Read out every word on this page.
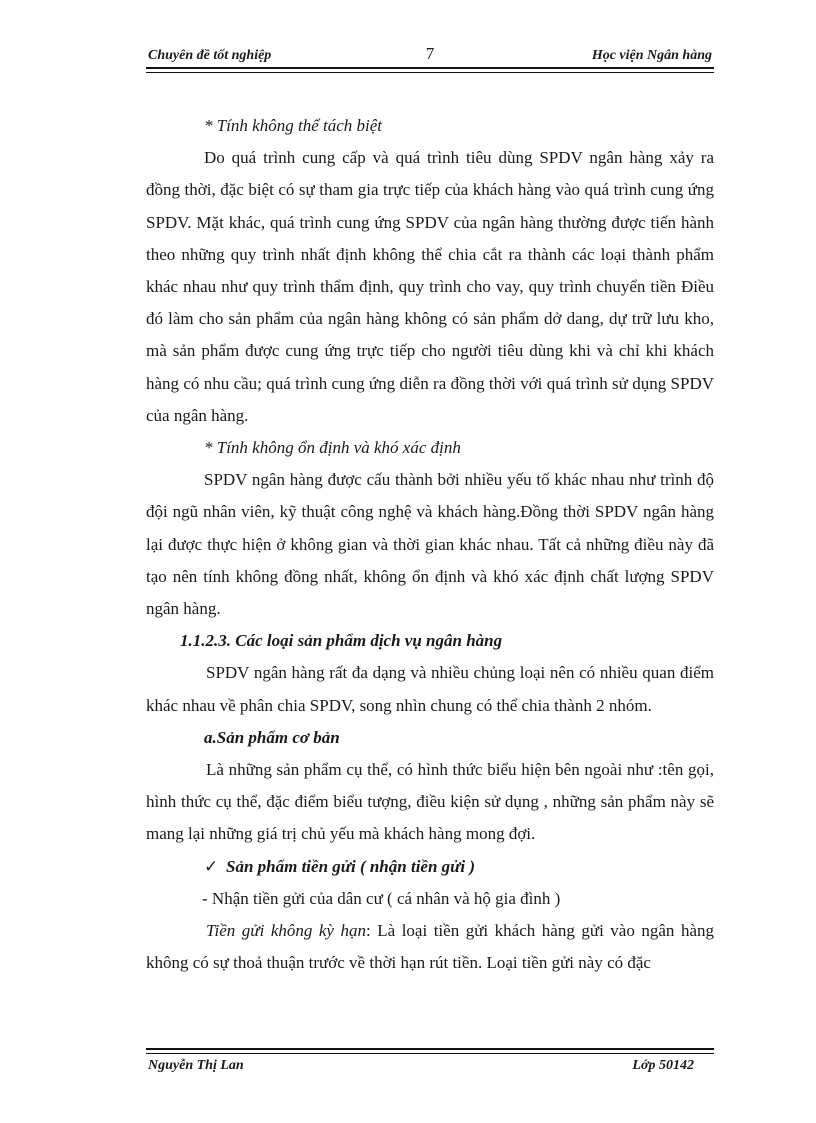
Chuyên đề tốt nghiệp	7	Học viện Ngân hàng

* Tính không thể tách biệt

Do quá trình cung cấp và quá trình tiêu dùng SPDV ngân hàng xảy ra đồng thời, đặc biệt có sự tham gia trực tiếp của khách hàng vào quá trình cung ứng SPDV. Mặt khác, quá trình cung ứng SPDV của ngân hàng thường được tiến hành theo những quy trình nhất định không thể chia cắt ra thành các loại thành phẩm khác nhau như quy trình thẩm định, quy trình cho vay, quy trình chuyển tiền Điều đó làm cho sản phẩm của ngân hàng không có sản phẩm dở dang, dự trữ lưu kho, mà sản phẩm được cung ứng trực tiếp cho người tiêu dùng khi và chỉ khi khách hàng có nhu cầu; quá trình cung ứng diễn ra đồng thời với quá trình sử dụng SPDV của ngân hàng.

* Tính không ổn định và khó xác định

SPDV ngân hàng được cấu thành bởi nhiều yếu tố khác nhau như trình độ đội ngũ nhân viên, kỹ thuật công nghệ và khách hàng.Đồng thời SPDV ngân hàng lại được thực hiện ở không gian và thời gian khác nhau. Tất cả những điều này đã tạo nên tính không đồng nhất, không ổn định và khó xác định chất lượng SPDV ngân hàng.

1.1.2.3. Các loại sản phẩm dịch vụ ngân hàng

SPDV ngân hàng rất đa dạng và nhiều chủng loại nên có nhiều quan điểm khác nhau về phân chia SPDV, song nhìn chung có thể chia thành 2 nhóm.

a.Sản phẩm cơ bản

Là những sản phẩm cụ thể, có hình thức biểu hiện bên ngoài như :tên gọi, hình thức cụ thể, đặc điểm biểu tượng, điều kiện sử dụng , những sản phẩm này sẽ mang lại những giá trị chủ yếu mà khách hàng mong đợi.

✓ Sản phẩm tiền gửi ( nhận tiền gửi )

- Nhận tiền gửi của dân cư ( cá nhân và hộ gia đình )

Tiền gửi không kỳ hạn: Là loại tiền gửi khách hàng gửi vào ngân hàng không có sự thoả thuận trước về thời hạn rút tiền. Loại tiền gửi này có đặc

Nguyễn Thị Lan	Lớp 50142
